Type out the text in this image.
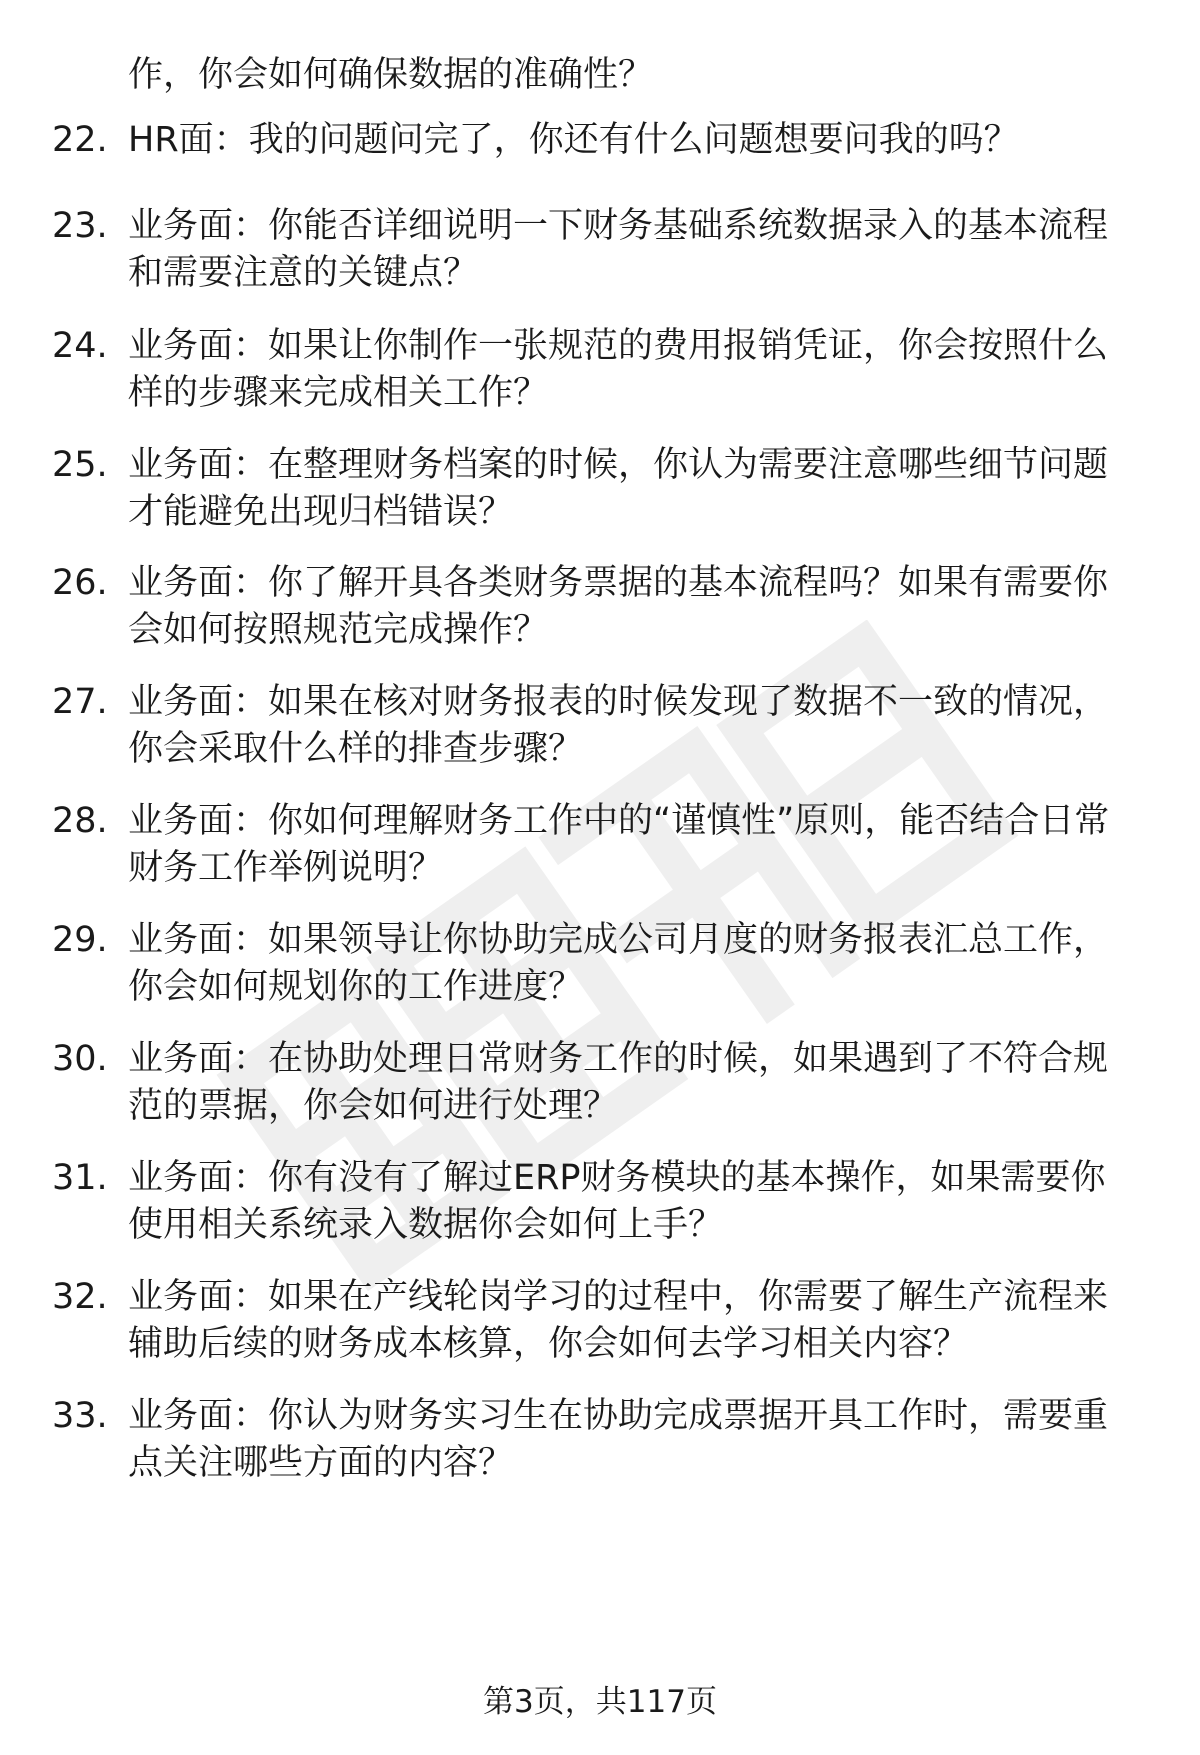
作，你会如何确保数据的准确性？
22. HR面：我的问题问完了，你还有什么问题想要问我的吗？
23. 业务面：你能否详细说明一下财务基础系统数据录入的基本流程和需要注意的关键点？
24. 业务面：如果让你制作一张规范的费用报销凭证，你会按照什么样的步骤来完成相关工作？
25. 业务面：在整理财务档案的时候，你认为需要注意哪些细节问题才能避免出现归档错误？
26. 业务面：你了解开具各类财务票据的基本流程吗？如果有需要你会如何按照规范完成操作？
27. 业务面：如果在核对财务报表的时候发现了数据不一致的情况，你会采取什么样的排查步骤？
28. 业务面：你如何理解财务工作中的“谨慎性”原则，能否结合日常财务工作举例说明？
29. 业务面：如果领导让你协助完成公司月度的财务报表汇总工作，你会如何规划你的工作进度？
30. 业务面：在协助处理日常财务工作的时候，如果遇到了不符合规范的票据，你会如何进行处理？
31. 业务面：你有没有了解过ERP财务模块的基本操作，如果需要你使用相关系统录入数据你会如何上手？
32. 业务面：如果在产线轮岗学习的过程中，你需要了解生产流程来辅助后续的财务成本核算，你会如何去学习相关内容？
33. 业务面：你认为财务实习生在协助完成票据开具工作时，需要重点关注哪些方面的内容？
第3页，共117页
